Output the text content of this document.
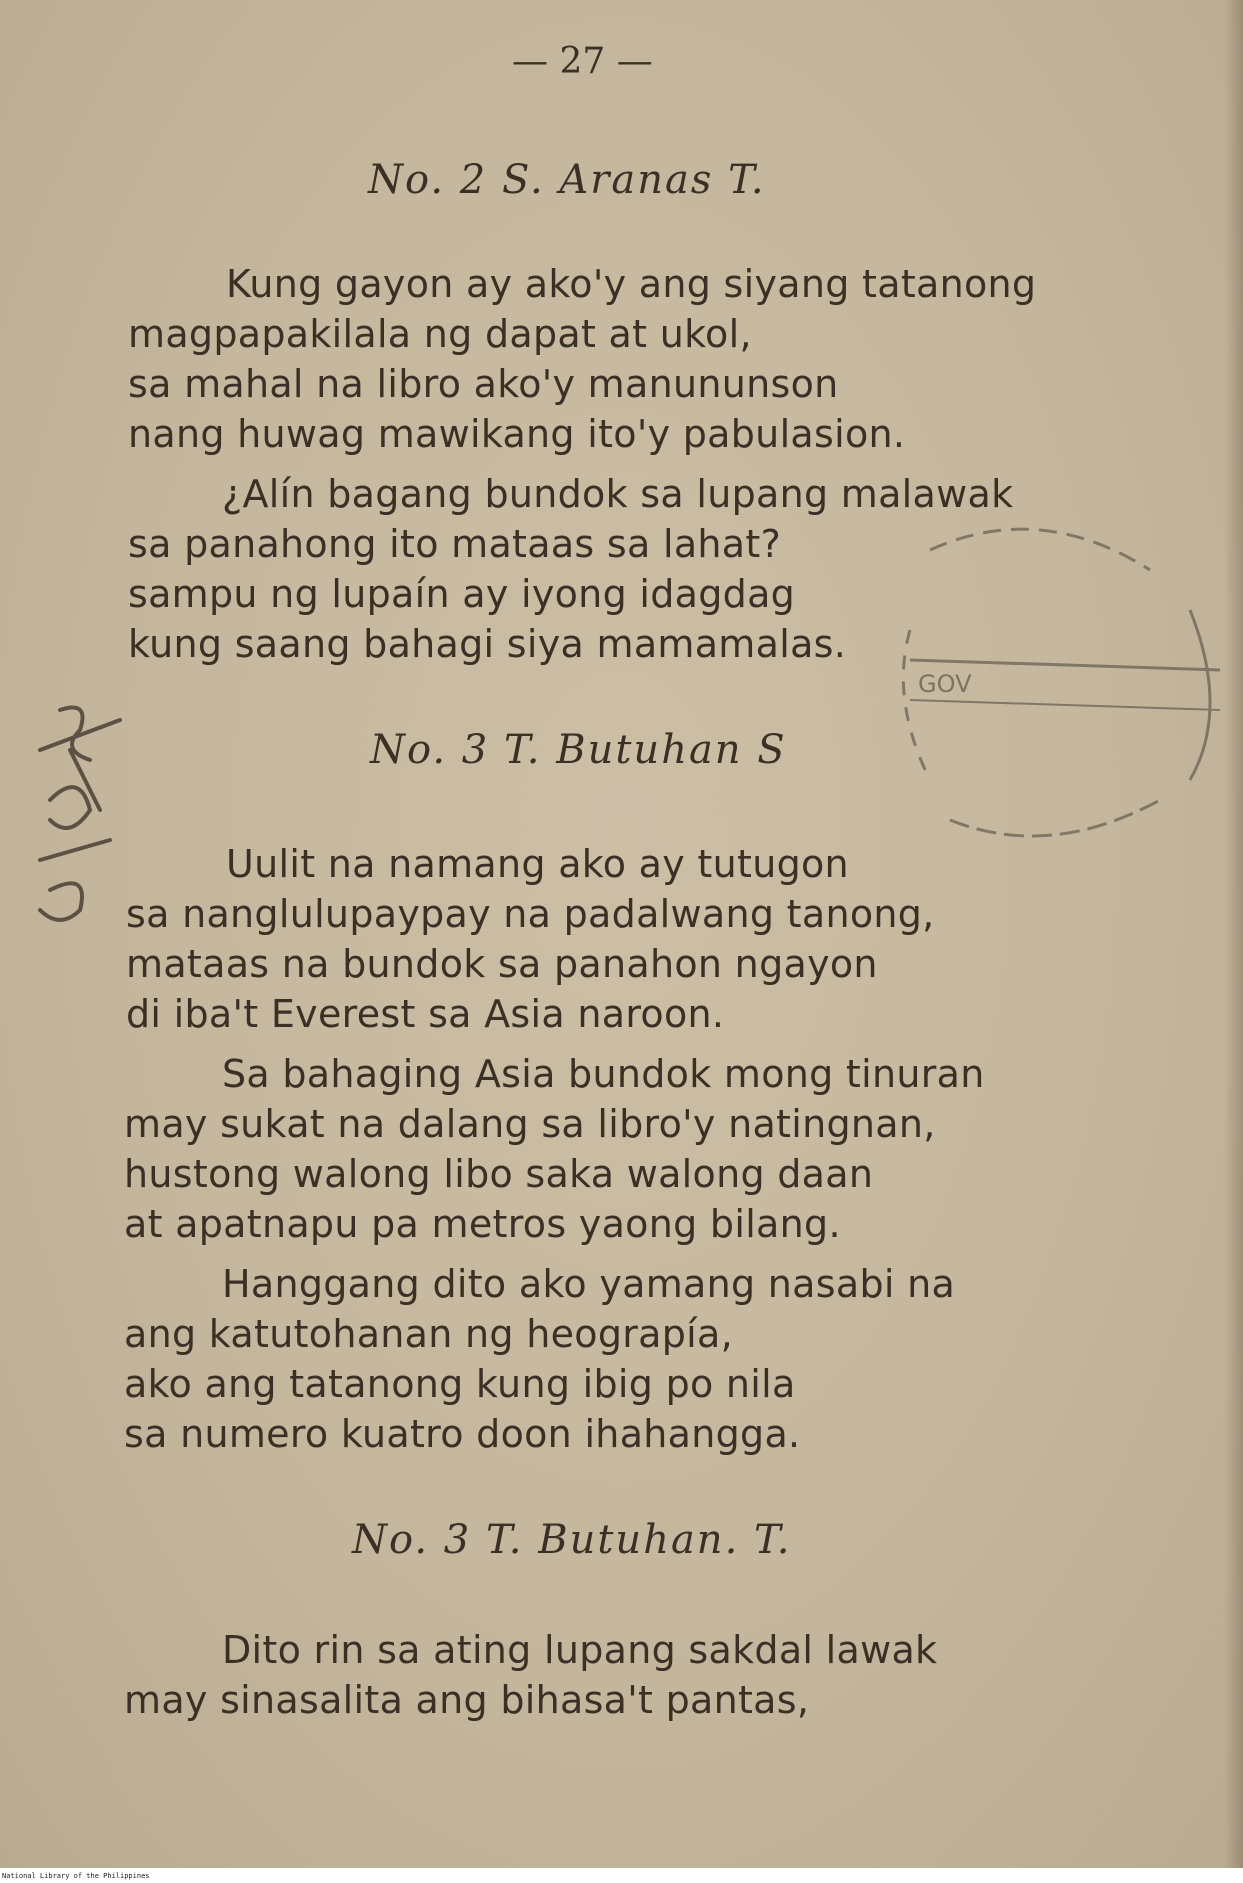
— 27 —
No. 2 S. Aranas T.
Kung gayon ay ako'y ang siyang tatanong
magpapakilala ng dapat at ukol,
sa mahal na libro ako'y manununson
nang huwag mawikang ito'y pabulasion.
¿Alín bagang bundok sa lupang malawak
sa panahong ito mataas sa lahat?
sampu ng lupaín ay iyong idagdag
kung saang bahagi siya mamamalas.
No. 3 T. Butuhan S
Uulit na namang ako ay tutugon
sa nanglulupaypay na padalwang tanong,
mataas na bundok sa panahon ngayon
di iba't Everest sa Asia naroon.
Sa bahaging Asia bundok mong tinuran
may sukat na dalang sa libro'y natingnan,
hustong walong libo saka walong daan
at apatnapu pa metros yaong bilang.
Hanggang dito ako yamang nasabi na
ang katutohanan ng heograpía,
ako ang tatanong kung ibig po nila
sa numero kuatro doon ihahangga.
No. 3 T. Butuhan. T.
Dito rin sa ating lupang sakdal lawak
may sinasalita ang bihasa't pantas,
GOV
National Library of the Philippines
